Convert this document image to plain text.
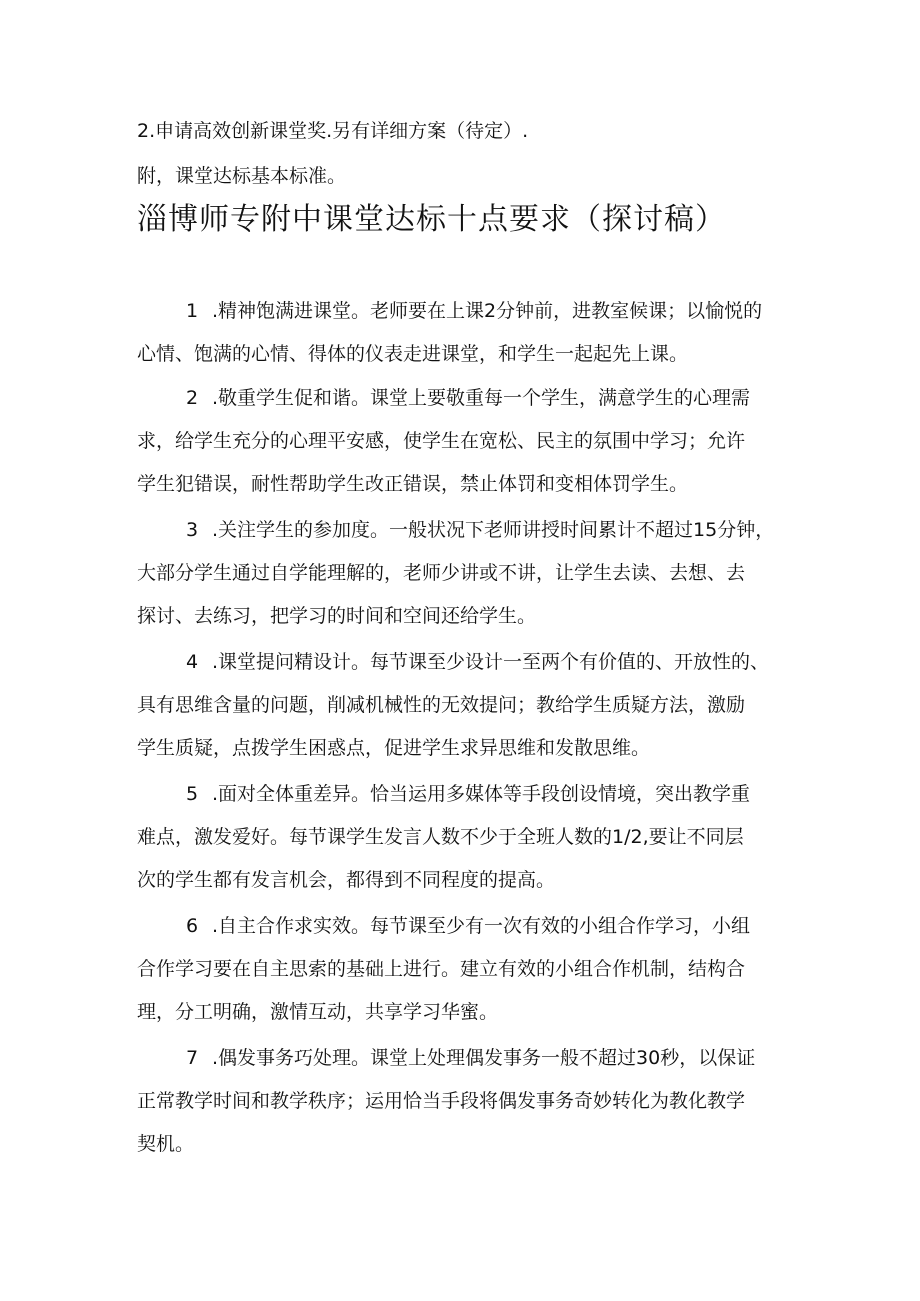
2.申请高效创新课堂奖.另有详细方案（待定）.
附，课堂达标基本标准。
淄博师专附中课堂达标十点要求（探讨稿）
1 .精神饱满进课堂。老师要在上课2分钟前，进教室候课；以愉悦的
心情、饱满的心情、得体的仪表走进课堂，和学生一起起先上课。
2 .敬重学生促和谐。课堂上要敬重每一个学生，满意学生的心理需
求，给学生充分的心理平安感，使学生在宽松、民主的氛围中学习；允许
学生犯错误，耐性帮助学生改正错误，禁止体罚和变相体罚学生。
3 .关注学生的参加度。一般状况下老师讲授时间累计不超过15分钟，
大部分学生通过自学能理解的，老师少讲或不讲，让学生去读、去想、去
探讨、去练习，把学习的时间和空间还给学生。
4 .课堂提问精设计。每节课至少设计一至两个有价值的、开放性的、
具有思维含量的问题，削减机械性的无效提问；教给学生质疑方法，激励
学生质疑，点拨学生困惑点，促进学生求异思维和发散思维。
5 .面对全体重差异。恰当运用多媒体等手段创设情境，突出教学重
难点，激发爱好。每节课学生发言人数不少于全班人数的1/2,要让不同层
次的学生都有发言机会，都得到不同程度的提高。
6 .自主合作求实效。每节课至少有一次有效的小组合作学习，小组
合作学习要在自主思索的基础上进行。建立有效的小组合作机制，结构合
理，分工明确，激情互动，共享学习华蜜。
7 .偶发事务巧处理。课堂上处理偶发事务一般不超过30秒，以保证
正常教学时间和教学秩序；运用恰当手段将偶发事务奇妙转化为教化教学
契机。
